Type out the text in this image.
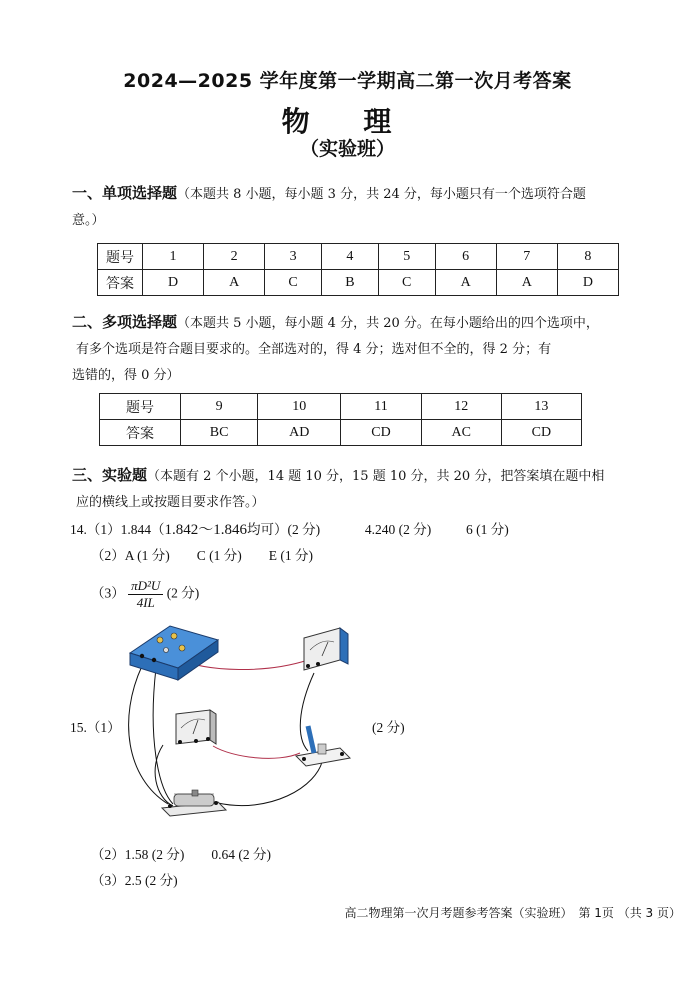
2024—2025 学年度第一学期高二第一次月考答案
物 理
（实验班）
一、单项选择题（本题共 8 小题，每小题 3 分，共 24 分，每小题只有一个选项符合题
意。）
题号	1	2	3	4	5	6	7	8
答案	D	A	C	B	C	A	A	D
二、多项选择题（本题共 5 小题，每小题 4 分，共 20 分。在每小题给出的四个选项中，
有多个选项是符合题目要求的。全部选对的，得 4 分；选对但不全的，得 2 分；有
选错的，得 0 分）
题号	9	10	11	12	13
答案	BC	AD	CD	AC	CD
三、实验题（本题有 2 个小题，14 题 10 分，15 题 10 分，共 20 分，把答案填在题中相
应的横线上或按题目要求作答。）
14.（1）1.844（1.842～1.846均可）(2 分)	4.240 (2 分)	6 (1 分)
（2）A (1 分)　　C (1 分)　　E (1 分)
$(3) \frac{\text{πD²U}}{4IL} (2$ 分)
15.（1）	(2 分)
（2）1.58 (2 分)　　0.64 (2 分)
（3）2.5 (2 分)
高二物理第一次月考题参考答案（实验班）　第 1页 （共 3 页）
